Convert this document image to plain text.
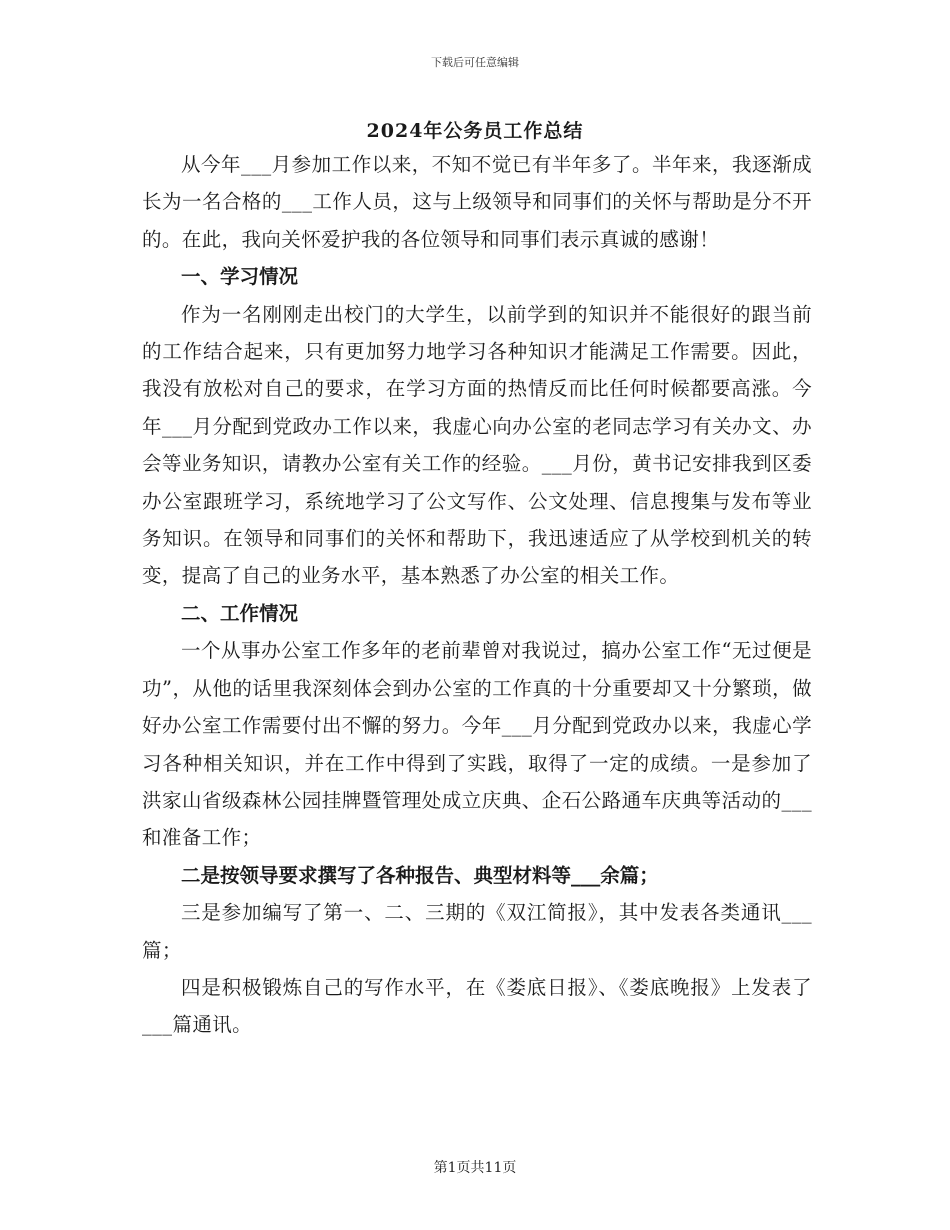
下载后可任意编辑
2024年公务员工作总结

从今年___月参加工作以来，不知不觉已有半年多了。半年来，我逐渐成长为一名合格的___工作人员，这与上级领导和同事们的关怀与帮助是分不开的。在此，我向关怀爱护我的各位领导和同事们表示真诚的感谢！

一、学习情况

作为一名刚刚走出校门的大学生，以前学到的知识并不能很好的跟当前的工作结合起来，只有更加努力地学习各种知识才能满足工作需要。因此，我没有放松对自己的要求，在学习方面的热情反而比任何时候都要高涨。今年___月分配到党政办工作以来，我虚心向办公室的老同志学习有关办文、办会等业务知识，请教办公室有关工作的经验。___月份，黄书记安排我到区委办公室跟班学习，系统地学习了公文写作、公文处理、信息搜集与发布等业务知识。在领导和同事们的关怀和帮助下，我迅速适应了从学校到机关的转变，提高了自己的业务水平，基本熟悉了办公室的相关工作。

二、工作情况

一个从事办公室工作多年的老前辈曾对我说过，搞办公室工作“无过便是功”，从他的话里我深刻体会到办公室的工作真的十分重要却又十分繁琐，做好办公室工作需要付出不懈的努力。今年___月分配到党政办以来，我虚心学习各种相关知识，并在工作中得到了实践，取得了一定的成绩。一是参加了洪家山省级森林公园挂牌暨管理处成立庆典、企石公路通车庆典等活动的___和准备工作；

二是按领导要求撰写了各种报告、典型材料等___余篇；

三是参加编写了第一、二、三期的《双江简报》，其中发表各类通讯___篇；

四是积极锻炼自己的写作水平，在《娄底日报》、《娄底晚报》上发表了___篇通讯。

第1页共11页
